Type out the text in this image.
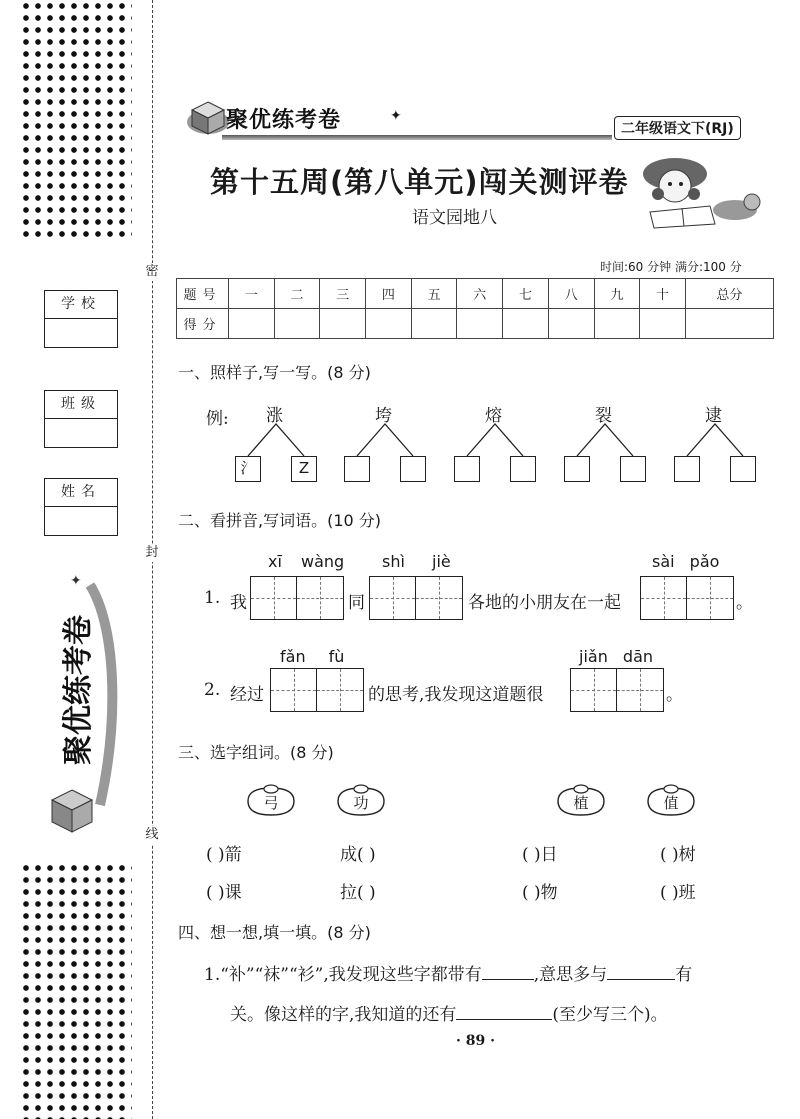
密
封
线
学校
班级
姓名
聚优练考卷
✦
聚优练考卷	✦
二年级语文下(RJ)
第十五周(第八单元)闯关测评卷
语文园地八
时间:60 分钟 满分:100 分
题号	一	二	三	四	五	六	七	八	九	十	总分
得分											
一、照样子,写一写。(8 分)
例: 涨	垮	熔	裂	逮
氵	Z
二、看拼音,写词语。(10 分)
1. 我
xī wàng
同
shì jiè
各地的小朋友在一起
sài pǎo
。
2. 经过
fǎn fù
的思考,我发现这道题很
jiǎn dān
。
三、选字组词。(8 分)
弓	功	植	值
( )箭	成( )	( )日	( )树
( )课	拉( )	( )物	( )班
四、想一想,填一填。(8 分)
1.“补”“袜”“衫”,我发现这些字都带有	,意思多与	有
关。像这样的字,我知道的还有	(至少写三个)。
· 89 ·
